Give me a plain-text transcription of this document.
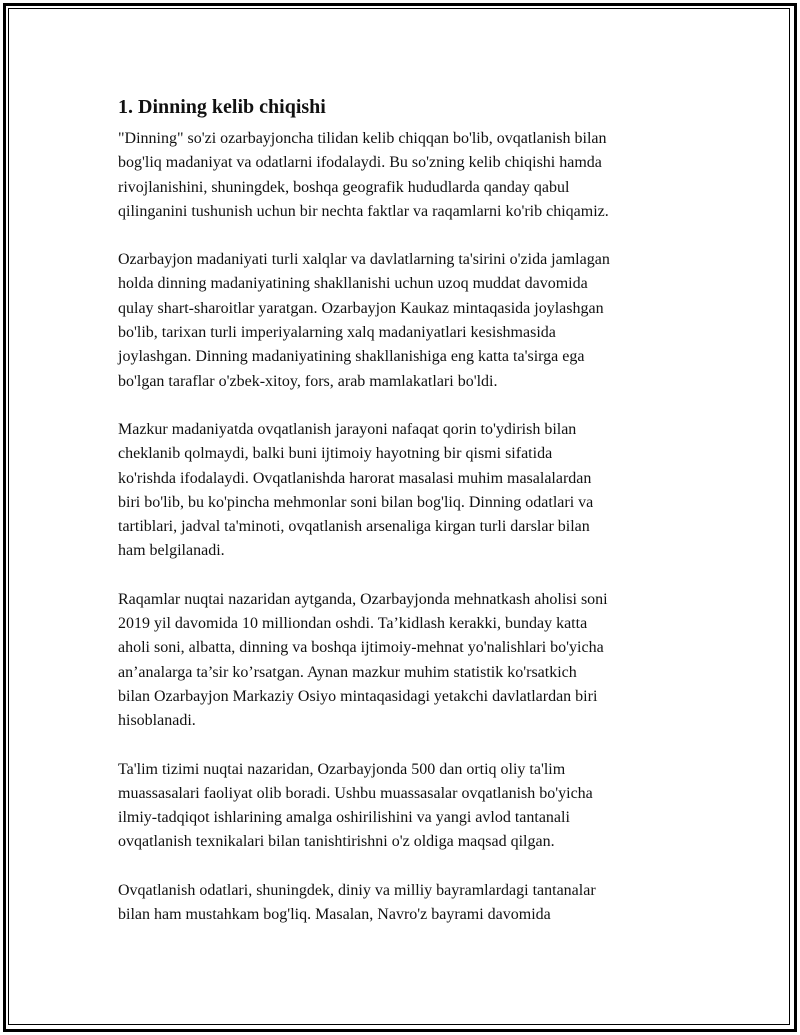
1. Dinning kelib chiqishi

"Dinning" so'zi ozarbayjoncha tilidan kelib chiqqan bo'lib, ovqatlanish bilan
bog'liq madaniyat va odatlarni ifodalaydi. Bu so'zning kelib chiqishi hamda
rivojlanishini, shuningdek, boshqa geografik hududlarda qanday qabul
qilinganini tushunish uchun bir nechta faktlar va raqamlarni ko'rib chiqamiz.

Ozarbayjon madaniyati turli xalqlar va davlatlarning ta'sirini o'zida jamlagan
holda dinning madaniyatining shakllanishi uchun uzoq muddat davomida
qulay shart-sharoitlar yaratgan. Ozarbayjon Kaukaz mintaqasida joylashgan
bo'lib, tarixan turli imperiyalarning xalq madaniyatlari kesishmasida
joylashgan. Dinning madaniyatining shakllanishiga eng katta ta'sirga ega
bo'lgan taraflar o'zbek-xitoy, fors, arab mamlakatlari bo'ldi.

Mazkur madaniyatda ovqatlanish jarayoni nafaqat qorin to'ydirish bilan
cheklanib qolmaydi, balki buni ijtimoiy hayotning bir qismi sifatida
ko'rishda ifodalaydi. Ovqatlanishda harorat masalasi muhim masalalardan
biri bo'lib, bu ko'pincha mehmonlar soni bilan bog'liq. Dinning odatlari va
tartiblari, jadval ta'minoti, ovqatlanish arsenaliga kirgan turli darslar bilan
ham belgilanadi.

Raqamlar nuqtai nazaridan aytganda, Ozarbayjonda mehnatkash aholisi soni
2019 yil davomida 10 milliondan oshdi. Ta’kidlash kerakki, bunday katta
aholi soni, albatta, dinning va boshqa ijtimoiy-mehnat yo'nalishlari bo'yicha
an’analarga ta’sir ko’rsatgan. Aynan mazkur muhim statistik ko'rsatkich
bilan Ozarbayjon Markaziy Osiyo mintaqasidagi yetakchi davlatlardan biri
hisoblanadi.

Ta'lim tizimi nuqtai nazaridan, Ozarbayjonda 500 dan ortiq oliy ta'lim
muassasalari faoliyat olib boradi. Ushbu muassasalar ovqatlanish bo'yicha
ilmiy-tadqiqot ishlarining amalga oshirilishini va yangi avlod tantanali
ovqatlanish texnikalari bilan tanishtirishni o'z oldiga maqsad qilgan.

Ovqatlanish odatlari, shuningdek, diniy va milliy bayramlardagi tantanalar
bilan ham mustahkam bog'liq. Masalan, Navro'z bayrami davomida
